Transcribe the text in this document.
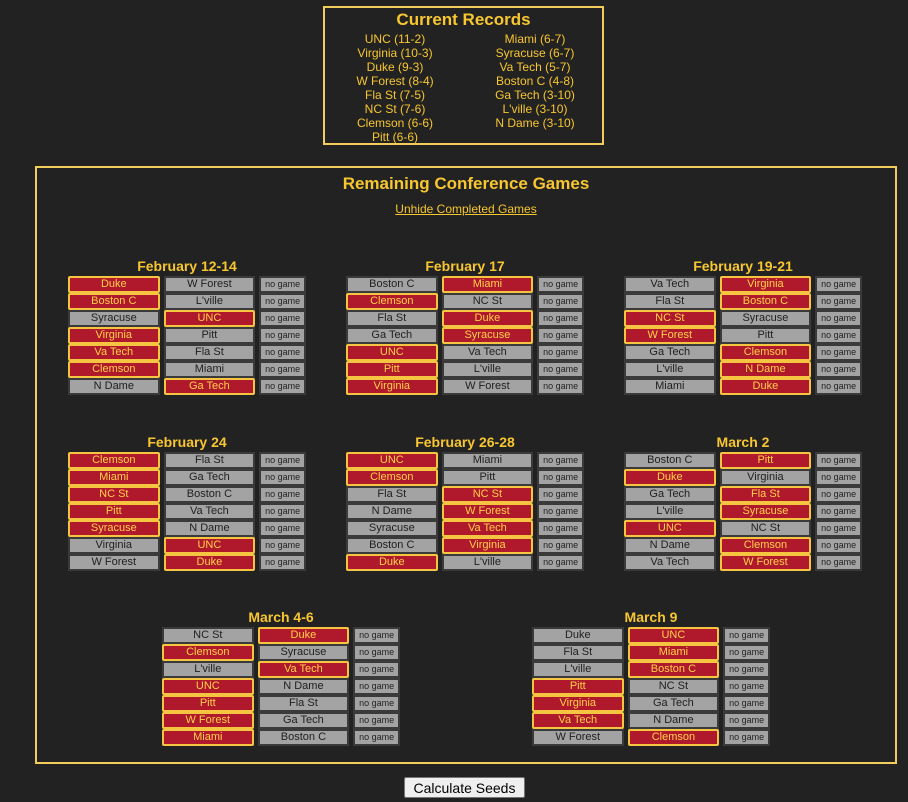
Current Records
UNC (11-2)
Virginia (10-3)
Duke (9-3)
W Forest (8-4)
Fla St (7-5)
NC St (7-6)
Clemson (6-6)
Pitt (6-6)
Miami (6-7)
Syracuse (6-7)
Va Tech (5-7)
Boston C (4-8)
Ga Tech (3-10)
L'ville (3-10)
N Dame (3-10)
Remaining Conference Games
Unhide Completed Games
February 12-14
Duke	W Forest	no game
Boston C	L'ville	no game
Syracuse	UNC	no game
Virginia	Pitt	no game
Va Tech	Fla St	no game
Clemson	Miami	no game
N Dame	Ga Tech	no game
February 17
Boston C	Miami	no game
Clemson	NC St	no game
Fla St	Duke	no game
Ga Tech	Syracuse	no game
UNC	Va Tech	no game
Pitt	L'ville	no game
Virginia	W Forest	no game
February 19-21
Va Tech	Virginia	no game
Fla St	Boston C	no game
NC St	Syracuse	no game
W Forest	Pitt	no game
Ga Tech	Clemson	no game
L'ville	N Dame	no game
Miami	Duke	no game
February 24
Clemson	Fla St	no game
Miami	Ga Tech	no game
NC St	Boston C	no game
Pitt	Va Tech	no game
Syracuse	N Dame	no game
Virginia	UNC	no game
W Forest	Duke	no game
February 26-28
UNC	Miami	no game
Clemson	Pitt	no game
Fla St	NC St	no game
N Dame	W Forest	no game
Syracuse	Va Tech	no game
Boston C	Virginia	no game
Duke	L'ville	no game
March 2
Boston C	Pitt	no game
Duke	Virginia	no game
Ga Tech	Fla St	no game
L'ville	Syracuse	no game
UNC	NC St	no game
N Dame	Clemson	no game
Va Tech	W Forest	no game
March 4-6
NC St	Duke	no game
Clemson	Syracuse	no game
L'ville	Va Tech	no game
UNC	N Dame	no game
Pitt	Fla St	no game
W Forest	Ga Tech	no game
Miami	Boston C	no game
March 9
Duke	UNC	no game
Fla St	Miami	no game
L'ville	Boston C	no game
Pitt	NC St	no game
Virginia	Ga Tech	no game
Va Tech	N Dame	no game
W Forest	Clemson	no game
Calculate Seeds
